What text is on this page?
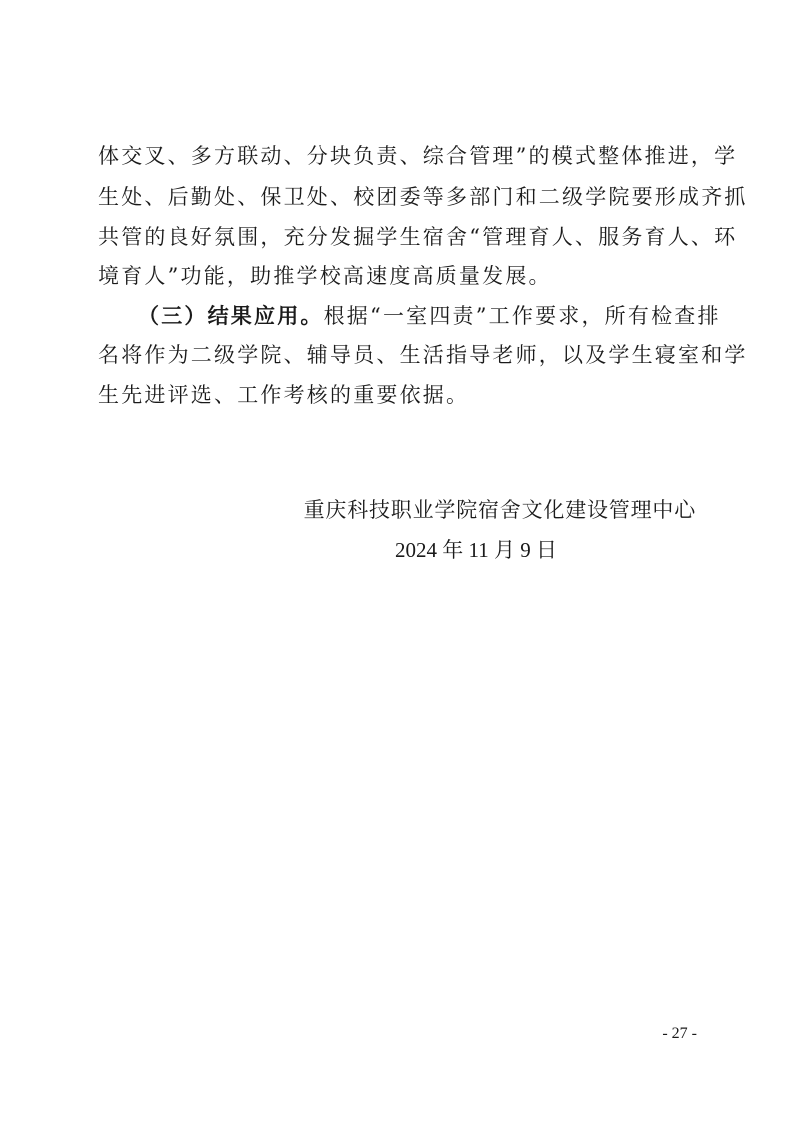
体交叉、多方联动、分块负责、综合管理”的模式整体推进，学
生处、后勤处、保卫处、校团委等多部门和二级学院要形成齐抓
共管的良好氛围，充分发掘学生宿舍“管理育人、服务育人、环
境育人”功能，助推学校高速度高质量发展。
（三）结果应用。根据“一室四责”工作要求，所有检查排
名将作为二级学院、辅导员、生活指导老师，以及学生寝室和学
生先进评选、工作考核的重要依据。
重庆科技职业学院宿舍文化建设管理中心
2024 年 11 月 9 日
- 27 -
